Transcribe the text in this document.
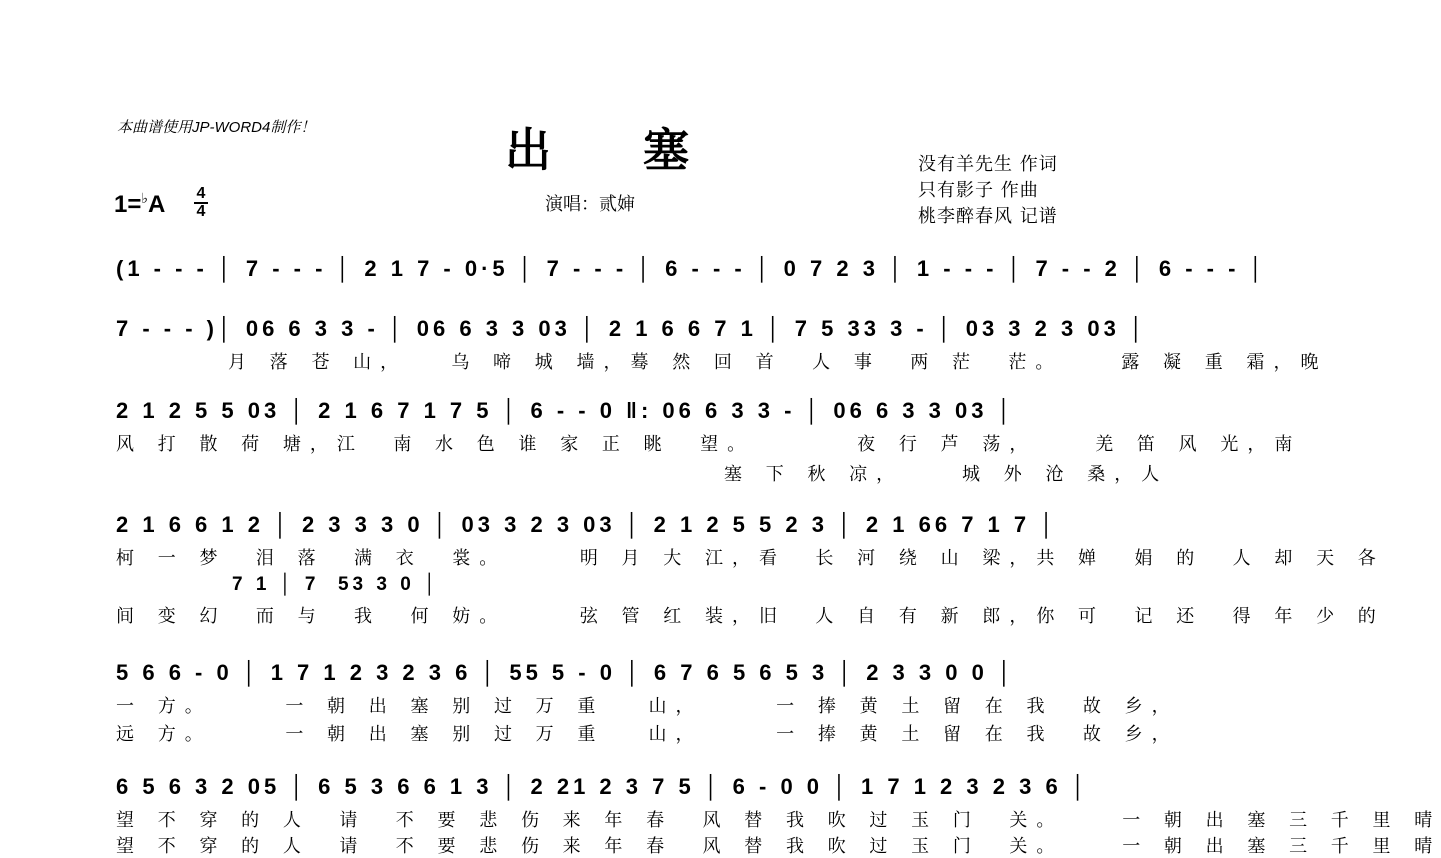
本曲谱使用JP-WORD4制作！	出塞
演唱：贰婶
没有羊先生 作词
只有影子 作曲
桃李醉春风 记谱
1=♭A 4
4
(1 - - - │ 7 - - - │ 2 1 7 - 0·5 │ 7 - - - │ 6 - - - │ 0 7 2 3 │ 1 - - - │ 7 - - 2 │ 6 - - - │
7 - - - )│ 06 6 3 3 - │ 06 6 3 3 03 │ 2 1 6 6 7 1 │ 7 5 33 3 - │ 03 3 2 3 03 │
月 落 苍 山，   乌 啼 城 墙，蓦 然 回 首  人 事  两 茫  茫。    露 凝 重 霜，晚
2 1 2 5 5 03 │ 2 1 6 7 1 7 5 │ 6 - - 0 ‖: 06 6 3 3 - │ 06 6 3 3 03 │
风 打 散 荷 塘，江  南 水 色 谁 家 正 眺  望。       夜 行 芦 荡，    羌 笛 风 光，南
塞 下 秋 凉，    城 外 沧 桑，人
2 1 6 6 1 2 │ 2 3 3 3 0 │ 03 3 2 3 03 │ 2 1 2 5 5 2 3 │ 2 1 66 7 1 7 │
柯 一 梦  泪 落  满 衣  裳。     明 月 大 江，看  长 河 绕 山 梁，共 婵  娟 的  人 却 天 各
7 1 │ 7  53 3 0 │
间 变 幻  而 与  我  何 妨。     弦 管 红 装，旧  人 自 有 新 郎，你 可  记 还  得 年 少 的
5 6 6 - 0 │ 1 7 1 2 3 2 3 6 │ 55 5 - 0 │ 6 7 6 5 6 5 3 │ 2 3 3 0 0 │
一 方。     一 朝 出 塞 别 过 万 重   山，     一 捧 黄 土 留 在 我  故 乡，
远 方。     一 朝 出 塞 别 过 万 重   山，     一 捧 黄 土 留 在 我  故 乡，
6 5 6 3 2 05 │ 6 5 3 6 6 1 3 │ 2 21 2 3 7 5 │ 6 - 0 0 │ 1 7 1 2 3 2 3 6 │
望 不 穿 的 人  请  不 要 悲 伤 来 年 春  风 替 我 吹 过 玉 门  关。    一 朝 出 塞 三 千 里 晴
望 不 穿 的 人  请  不 要 悲 伤 来 年 春  风 替 我 吹 过 玉 门  关。    一 朝 出 塞 三 千 里 晴
